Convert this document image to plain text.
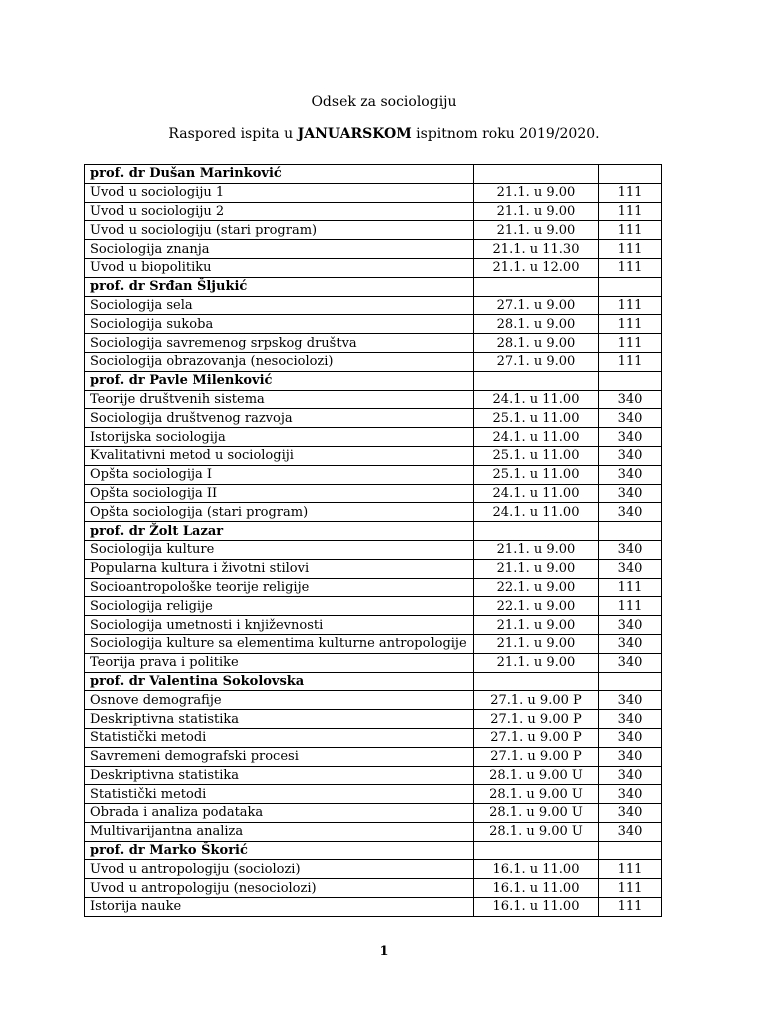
Odsek za sociologiju
Raspored ispita u JANUARSKOM ispitnom roku 2019/2020.
prof. dr Dušan Marinković		
Uvod u sociologiju 1	21.1. u 9.00	111
Uvod u sociologiju 2	21.1. u 9.00	111
Uvod u sociologiju (stari program)	21.1. u 9.00	111
Sociologija znanja	21.1. u 11.30	111
Uvod u biopolitiku	21.1. u 12.00	111
prof. dr Srđan Šljukić		
Sociologija sela	27.1. u 9.00	111
Sociologija sukoba	28.1. u 9.00	111
Sociologija savremenog srpskog društva	28.1. u 9.00	111
Sociologija obrazovanja (nesociolozi)	27.1. u 9.00	111
prof. dr Pavle Milenković		
Teorije društvenih sistema	24.1. u 11.00	340
Sociologija društvenog razvoja	25.1. u 11.00	340
Istorijska sociologija	24.1. u 11.00	340
Kvalitativni metod u sociologiji	25.1. u 11.00	340
Opšta sociologija I	25.1. u 11.00	340
Opšta sociologija II	24.1. u 11.00	340
Opšta sociologija (stari program)	24.1. u 11.00	340
prof. dr Žolt Lazar		
Sociologija kulture	21.1. u 9.00	340
Popularna kultura i životni stilovi	21.1. u 9.00	340
Socioantropološke teorije religije	22.1. u 9.00	111
Sociologija religije	22.1. u 9.00	111
Sociologija umetnosti i književnosti	21.1. u 9.00	340
Sociologija kulture sa elementima kulturne antropologije	21.1. u 9.00	340
Teorija prava i politike	21.1. u 9.00	340
prof. dr Valentina Sokolovska		
Osnove demografije	27.1. u 9.00 P	340
Deskriptivna statistika	27.1. u 9.00 P	340
Statistički metodi	27.1. u 9.00 P	340
Savremeni demografski procesi	27.1. u 9.00 P	340
Deskriptivna statistika	28.1. u 9.00 U	340
Statistički metodi	28.1. u 9.00 U	340
Obrada i analiza podataka	28.1. u 9.00 U	340
Multivarijantna analiza	28.1. u 9.00 U	340
prof. dr Marko Škorić		
Uvod u antropologiju (sociolozi)	16.1. u 11.00	111
Uvod u antropologiju (nesociolozi)	16.1. u 11.00	111
Istorija nauke	16.1. u 11.00	111
1
